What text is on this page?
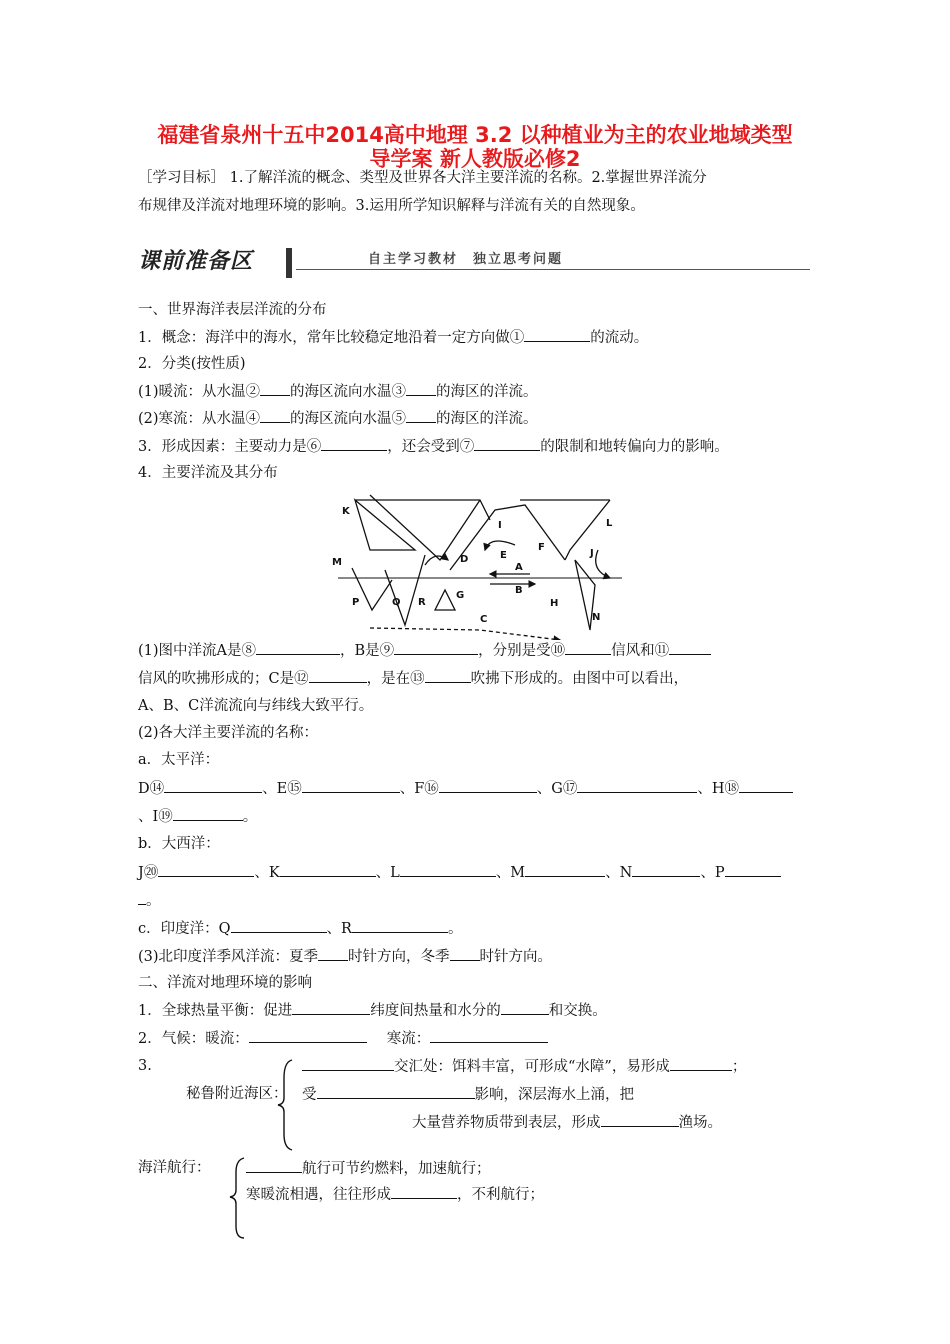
福建省泉州十五中2014高中地理 3.2 以种植业为主的农业地域类型
导学案 新人教版必修2
［学习目标］ 1.了解洋流的概念、类型及世界各大洋主要洋流的名称。2.掌握世界洋流分
布规律及洋流对地理环境的影响。3.运用所学知识解释与洋流有关的自然现象。
课前准备区	自主学习教材　独立思考问题
一、世界海洋表层洋流的分布
1．概念：海洋中的海水，常年比较稳定地沿着一定方向做①	的流动。
2．分类(按性质)
(1)暖流：从水温② 的海区流向水温③ 的海区的洋流。
(2)寒流：从水温④ 的海区流向水温⑤ 的海区的洋流。
3．形成因素：主要动力是⑥	，还会受到⑦	的限制和地转偏向力的影响。
4．主要洋流及其分布
K
M
P	Q R
G
I
E
D
A
B
F
C
L
J
H
N
(1)图中洋流A是⑧	，B是⑨	，分别是受⑩	信风和⑪
信风的吹拂形成的；C是⑫	，是在⑬	吹拂下形成的。由图中可以看出，
A、B、C洋流流向与纬线大致平行。
(2)各大洋主要洋流的名称：
a．太平洋：
D⑭	、E⑮	、F⑯	、G⑰	、H⑱
、I⑲	。
b．大西洋：
J⑳	、K	、L	、M	、N	、P
。
c．印度洋：Q	、R	。
(3)北印度洋季风洋流：夏季 时针方向，冬季 时针方向。
二、洋流对地理环境的影响
1．全球热量平衡：促进	纬度间热量和水分的	和交换。
2．气候：暖流：	寒流：
3.
秘鲁附近海区：
交汇处：饵料丰富，可形成“水障”，易形成	；
受	影响，深层海水上涌，把
大量营养物质带到表层，形成	渔场。
海洋航行：	航行可节约燃料，加速航行；
寒暖流相遇，往往形成	，不利航行；
